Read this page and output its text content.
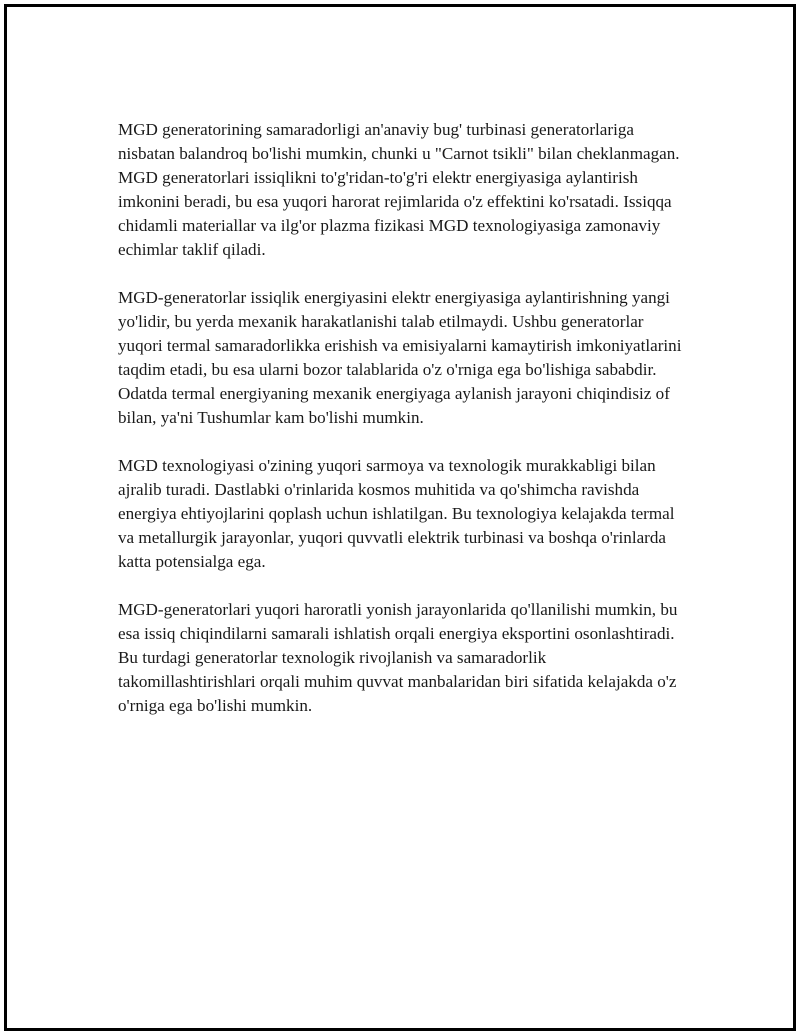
MGD generatorining samaradorligi an'anaviy bug' turbinasi generatorlariga nisbatan balandroq bo'lishi mumkin, chunki u "Carnot tsikli" bilan cheklanmagan. MGD generatorlari issiqlikni to'g'ridan-to'g'ri elektr energiyasiga aylantirish imkonini beradi, bu esa yuqori harorat rejimlarida o'z effektini ko'rsatadi. Issiqqa chidamli materiallar va ilg'or plazma fizikasi MGD texnologiyasiga zamonaviy echimlar taklif qiladi.

MGD-generatorlar issiqlik energiyasini elektr energiyasiga aylantirishning yangi yo'lidir, bu yerda mexanik harakatlanishi talab etilmaydi. Ushbu generatorlar yuqori termal samaradorlikka erishish va emisiyalarni kamaytirish imkoniyatlarini taqdim etadi, bu esa ularni bozor talablarida o'z o'rniga ega bo'lishiga sababdir. Odatda termal energiyaning mexanik energiyaga aylanish jarayoni chiqindisiz of bilan, ya'ni Tushumlar kam bo'lishi mumkin.

MGD texnologiyasi o'zining yuqori sarmoya va texnologik murakkabligi bilan ajralib turadi. Dastlabki o'rinlarida kosmos muhitida va qo'shimcha ravishda energiya ehtiyojlarini qoplash uchun ishlatilgan. Bu texnologiya kelajakda termal va metallurgik jarayonlar, yuqori quvvatli elektrik turbinasi va boshqa o'rinlarda katta potensialga ega.

MGD-generatorlari yuqori haroratli yonish jarayonlarida qo'llanilishi mumkin, bu esa issiq chiqindilarni samarali ishlatish orqali energiya eksportini osonlashtiradi. Bu turdagi generatorlar texnologik rivojlanish va samaradorlik takomillashtirishlari orqali muhim quvvat manbalaridan biri sifatida kelajakda o'z o'rniga ega bo'lishi mumkin.
